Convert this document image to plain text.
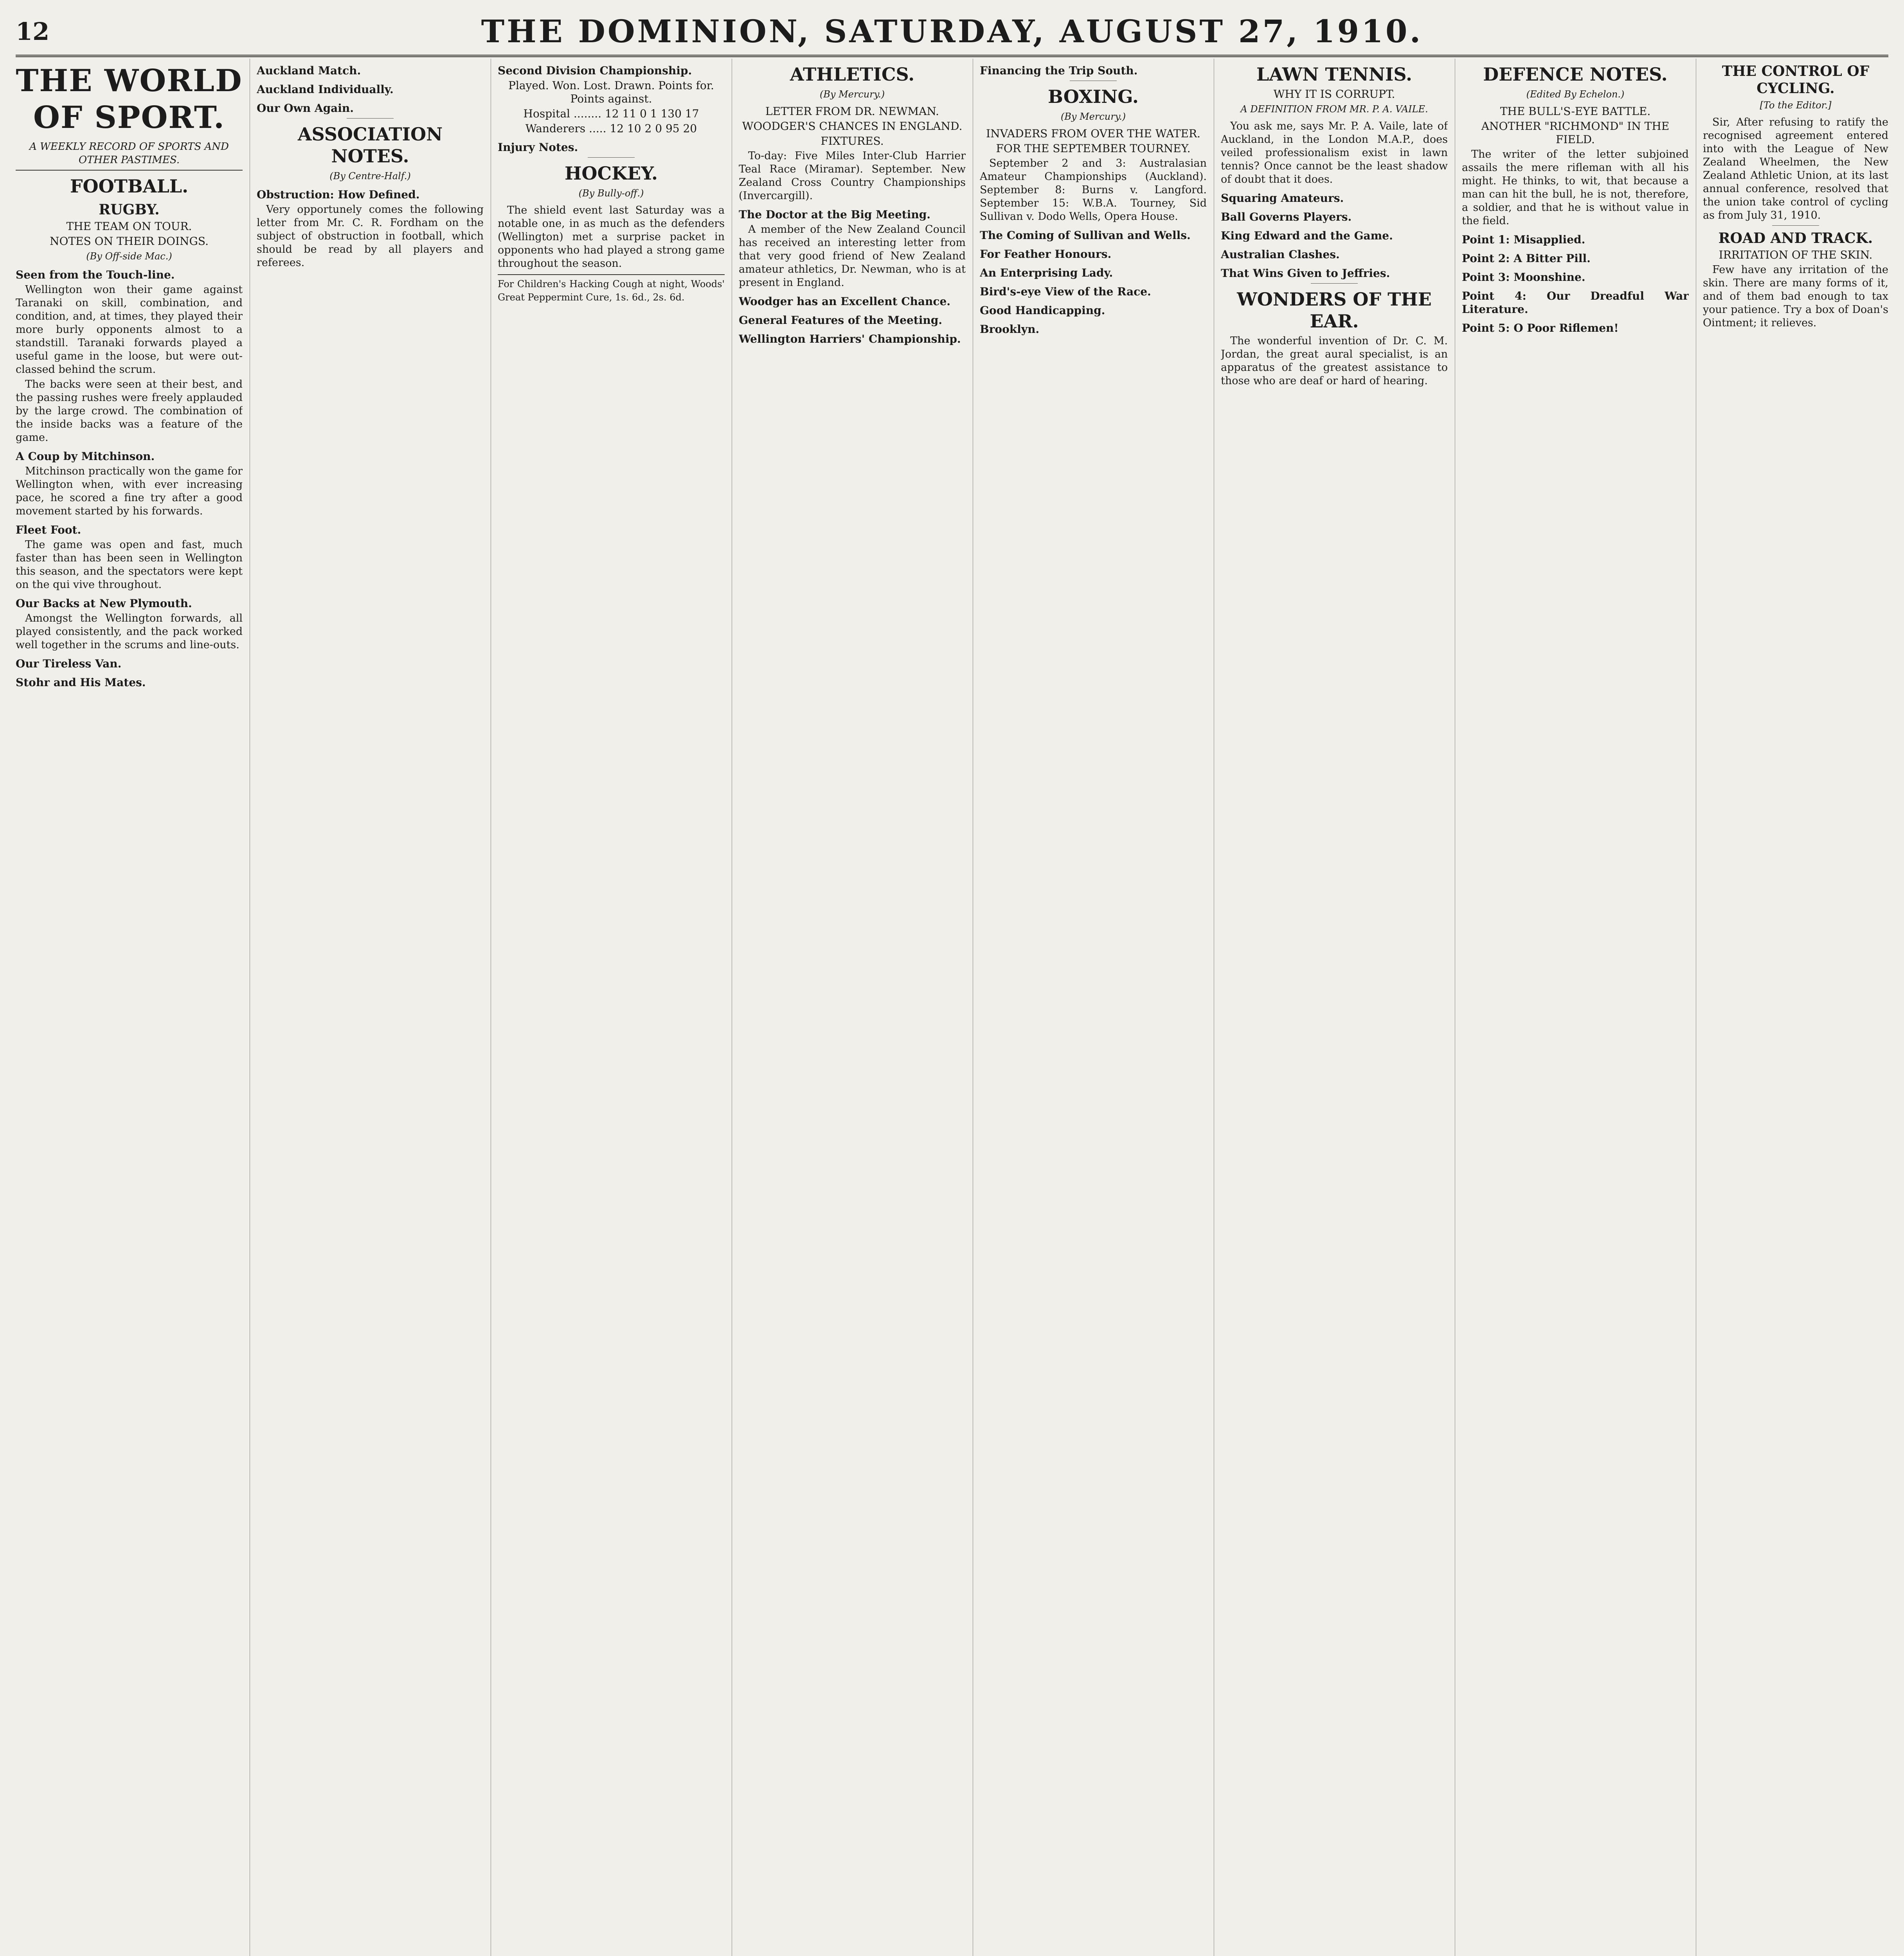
12	THE DOMINION, SATURDAY, AUGUST 27, 1910.
THE WORLD OF SPORT.
A WEEKLY RECORD OF SPORTS AND OTHER PASTIMES.
FOOTBALL.
RUGBY.
THE TEAM ON TOUR.
NOTES ON THEIR DOINGS.
(By Off-side Mac.)
Seen from the Touch-line.

Wellington won their game against Taranaki on skill, combination, and condition, and, at times, they played their more burly opponents almost to a standstill. Taranaki forwards played a useful game in the loose, but were out-classed behind the scrum.

The backs were seen at their best, and the passing rushes were freely applauded by the large crowd. The combination of the inside backs was a feature of the game.

A Coup by Mitchinson.

Mitchinson practically won the game for Wellington when, with ever increasing pace, he scored a fine try after a good movement started by his forwards.

Fleet Foot.

The game was open and fast, much faster than has been seen in Wellington this season, and the spectators were kept on the qui vive throughout.

Our Backs at New Plymouth.

Amongst the Wellington forwards, all played consistently, and the pack worked well together in the scrums and line-outs.

Our Tireless Van.
Stohr and His Mates.
Auckland Match.
Auckland Individually.
Our Own Again.
ASSOCIATION NOTES.
(By Centre-Half.)
Obstruction: How Defined.

Very opportunely comes the following letter from Mr. C. R. Fordham on the subject of obstruction in football, which should be read by all players and referees.

Second Division Championship.
Played. Won. Lost. Drawn. Points for. Points against.
Hospital ........ 12 11 0 1 130 17
Wanderers ..... 12 10 2 0 95 20
Injury Notes.
HOCKEY.
(By Bully-off.)

The shield event last Saturday was a notable one, in as much as the defenders (Wellington) met a surprise packet in opponents who had played a strong game throughout the season.

For Children's Hacking Cough at night, Woods' Great Peppermint Cure, 1s. 6d., 2s. 6d.
ATHLETICS.
(By Mercury.)
LETTER FROM DR. NEWMAN.
WOODGER'S CHANCES IN ENGLAND.
FIXTURES.

To-day: Five Miles Inter-Club Harrier Teal Race (Miramar). September. New Zealand Cross Country Championships (Invercargill).

The Doctor at the Big Meeting.

A member of the New Zealand Council has received an interesting letter from that very good friend of New Zealand amateur athletics, Dr. Newman, who is at present in England.

Woodger has an Excellent Chance.
General Features of the Meeting.
Wellington Harriers' Championship.
Financing the Trip South.
BOXING.
(By Mercury.)
INVADERS FROM OVER THE WATER.
FOR THE SEPTEMBER TOURNEY.

September 2 and 3: Australasian Amateur Championships (Auckland). September 8: Burns v. Langford. September 15: W.B.A. Tourney, Sid Sullivan v. Dodo Wells, Opera House.

The Coming of Sullivan and Wells.
For Feather Honours.
An Enterprising Lady.
Bird's-eye View of the Race.
Good Handicapping.
Brooklyn.
LAWN TENNIS.
WHY IT IS CORRUPT.
A DEFINITION FROM MR. P. A. VAILE.

You ask me, says Mr. P. A. Vaile, late of Auckland, in the London M.A.P., does veiled professionalism exist in lawn tennis? Once cannot be the least shadow of doubt that it does.

Squaring Amateurs.
Ball Governs Players.
King Edward and the Game.
Australian Clashes.
That Wins Given to Jeffries.
WONDERS OF THE EAR.

The wonderful invention of Dr. C. M. Jordan, the great aural specialist, is an apparatus of the greatest assistance to those who are deaf or hard of hearing.

DEFENCE NOTES.
(Edited By Echelon.)
THE BULL'S-EYE BATTLE.
ANOTHER "RICHMOND" IN THE FIELD.

The writer of the letter subjoined assails the mere rifleman with all his might. He thinks, to wit, that because a man can hit the bull, he is not, therefore, a soldier, and that he is without value in the field.

Point 1: Misapplied.
Point 2: A Bitter Pill.
Point 3: Moonshine.
Point 4: Our Dreadful War Literature.
Point 5: O Poor Riflemen!
THE CONTROL OF CYCLING.
[To the Editor.]

Sir, After refusing to ratify the recognised agreement entered into with the League of New Zealand Wheelmen, the New Zealand Athletic Union, at its last annual conference, resolved that the union take control of cycling as from July 31, 1910.

ROAD AND TRACK.
IRRITATION OF THE SKIN.

Few have any irritation of the skin. There are many forms of it, and of them bad enough to tax your patience. Try a box of Doan's Ointment; it relieves.
